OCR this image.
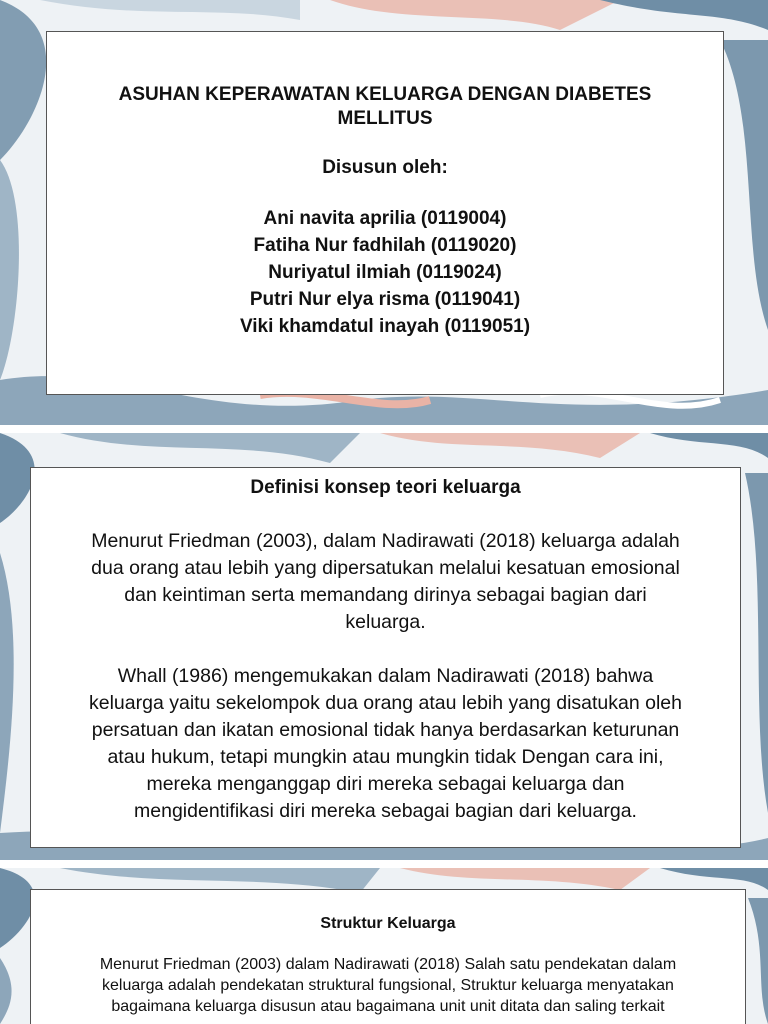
ASUHAN KEPERAWATAN KELUARGA DENGAN DIABETES
MELLITUS
Disusun oleh:
Ani navita aprilia (0119004)
Fatiha Nur fadhilah (0119020)
Nuriyatul ilmiah (0119024)
Putri Nur elya risma (0119041)
Viki khamdatul inayah (0119051)
Definisi konsep teori keluarga
Menurut Friedman (2003), dalam Nadirawati (2018) keluarga adalah
dua orang atau lebih yang dipersatukan melalui kesatuan emosional
dan keintiman serta memandang dirinya sebagai bagian dari
keluarga.
Whall (1986) mengemukakan dalam Nadirawati (2018) bahwa
keluarga yaitu sekelompok dua orang atau lebih yang disatukan oleh
persatuan dan ikatan emosional tidak hanya berdasarkan keturunan
atau hukum, tetapi mungkin atau mungkin tidak Dengan cara ini,
mereka menganggap diri mereka sebagai keluarga dan
mengidentifikasi diri mereka sebagai bagian dari keluarga.
Struktur Keluarga
Menurut Friedman (2003) dalam Nadirawati (2018) Salah satu pendekatan dalam
keluarga adalah pendekatan struktural fungsional, Struktur keluarga menyatakan
bagaimana keluarga disusun atau bagaimana unit unit ditata dan saling terkait
